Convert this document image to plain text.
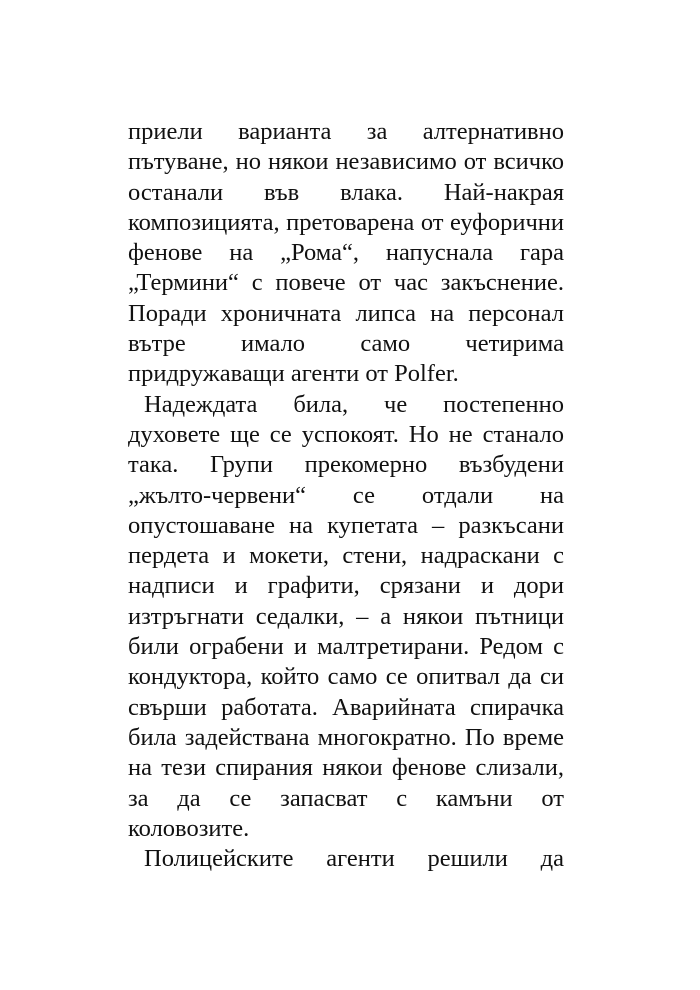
приели варианта за алтернативно
пътуване, но някои независимо от всичко
останали във влака. Най-накрая
композицията, претоварена от еуфорични
фенове на „Рома“, напуснала гара
„Термини“ с повече от час закъснение.
Поради хроничната липса на персонал
вътре имало само четирима
придружаващи агенти от Polfer.

Надеждата била, че постепенно
духовете ще се успокоят. Но не станало
така. Групи прекомерно възбудени
„жълто-червени“ се отдали на
опустошаване на купетата – разкъсани
пердета и мокети, стени, надраскани с
надписи и графити, срязани и дори
изтръгнати седалки, – а някои пътници
били ограбени и малтретирани. Редом с
кондуктора, който само се опитвал да си
свърши работата. Аварийната спирачка
била задействана многократно. По време
на тези спирания някои фенове слизали,
за да се запасват с камъни от
коловозите.

Полицейските агенти решили да
